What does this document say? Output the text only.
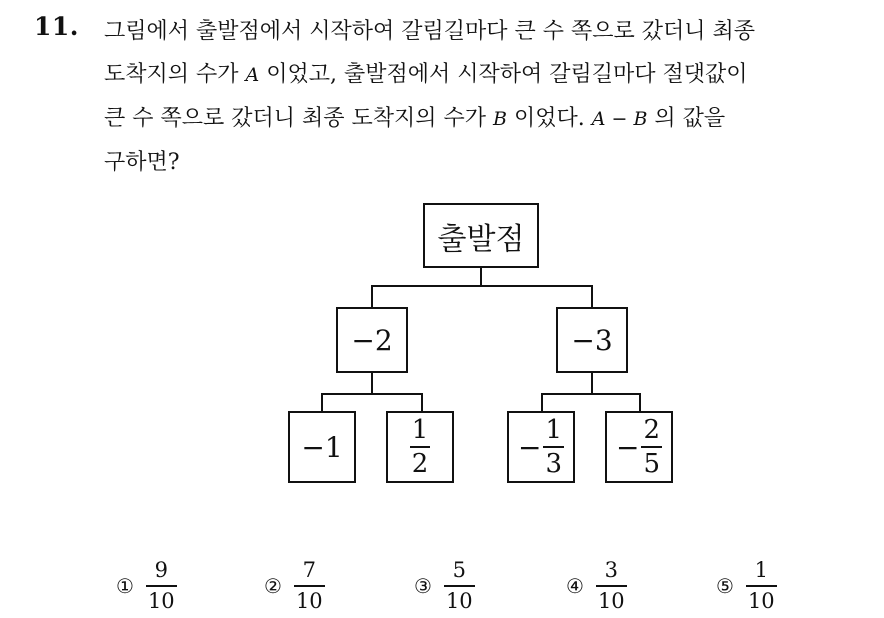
11. 그림에서 출발점에서 시작하여 갈림길마다 큰 수 쪽으로 갔더니 최종
도착지의 수가 A 이었고, 출발점에서 시작하여 갈림길마다 절댓값이
큰 수 쪽으로 갔더니 최종 도착지의 수가 B 이었다. A − B 의 값을
구하면?
출발점
−2	−3
−1	$\frac{1}{2}$	− $\frac{1}{3} - \frac{2}{5}$
① $\frac{9}{10}$	② $\frac{7}{10}$	③ $\frac{5}{10}$	④ $\frac{3}{10}$	⑤ $\frac{1}{10}$
